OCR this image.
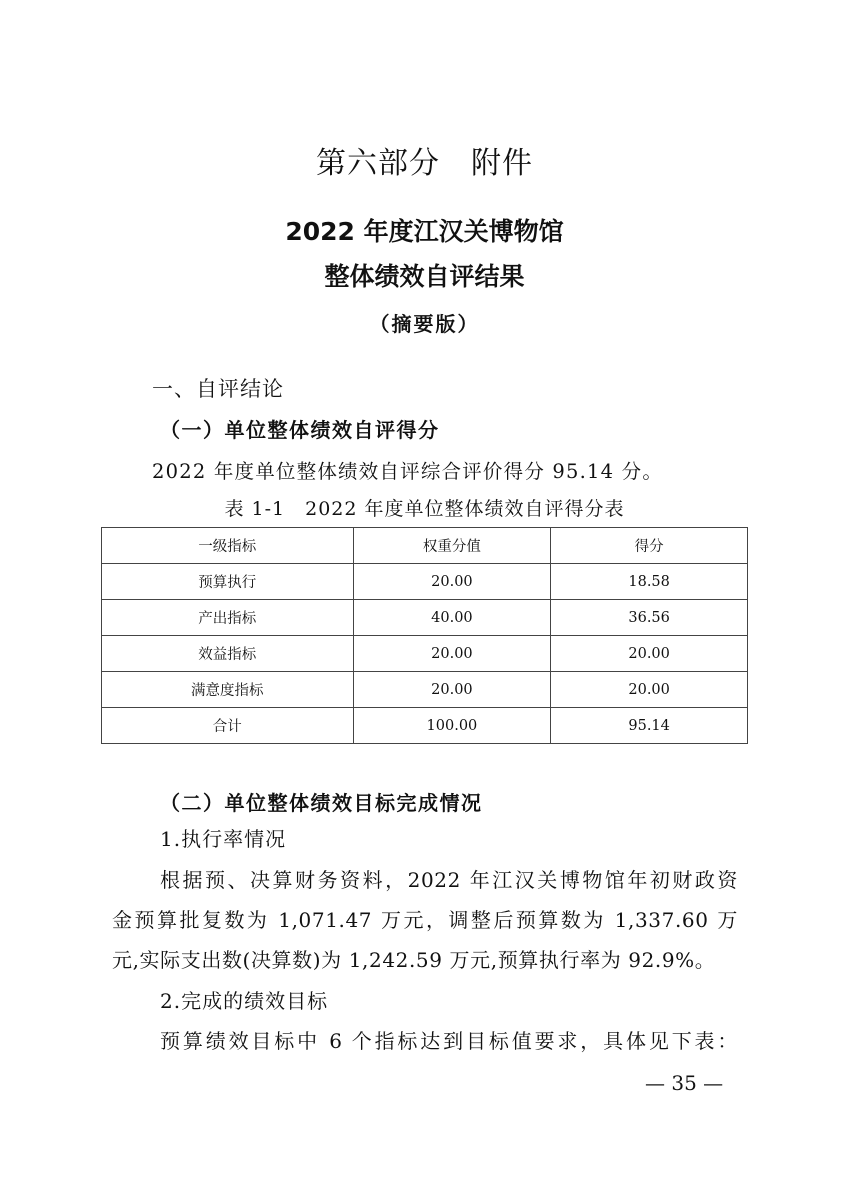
第六部分　附件
2022 年度江汉关博物馆
整体绩效自评结果
（摘要版）
一、自评结论
（一）单位整体绩效自评得分
2022 年度单位整体绩效自评综合评价得分 95.14 分。
表 1-1　2022 年度单位整体绩效自评得分表
一级指标	权重分值	得分
预算执行	20.00	18.58
产出指标	40.00	36.56
效益指标	20.00	20.00
满意度指标	20.00	20.00
合计	100.00	95.14
（二）单位整体绩效目标完成情况
1.执行率情况
根据预、决算财务资料，2022 年江汉关博物馆年初财政资
金预算批复数为 1,071.47 万元，调整后预算数为 1,337.60 万
元,实际支出数(决算数)为 1,242.59 万元,预算执行率为 92.9%。
2.完成的绩效目标
预算绩效目标中 6 个指标达到目标值要求，具体见下表：
— 35 —
